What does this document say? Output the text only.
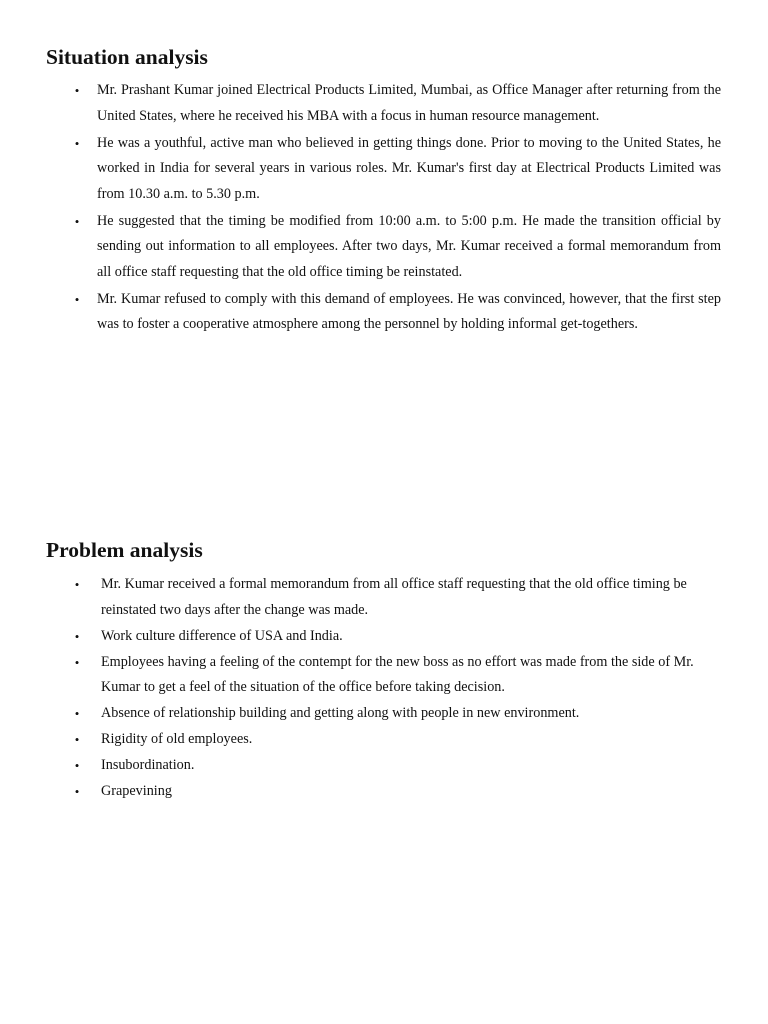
Situation analysis
• Mr. Prashant Kumar joined Electrical Products Limited, Mumbai, as Office Manager after returning from the United States, where he received his MBA with a focus in human resource management.
• He was a youthful, active man who believed in getting things done. Prior to moving to the United States, he worked in India for several years in various roles. Mr. Kumar's first day at Electrical Products Limited was from 10.30 a.m. to 5.30 p.m.
• He suggested that the timing be modified from 10:00 a.m. to 5:00 p.m. He made the transition official by sending out information to all employees. After two days, Mr. Kumar received a formal memorandum from all office staff requesting that the old office timing be reinstated.
• Mr. Kumar refused to comply with this demand of employees. He was convinced, however, that the first step was to foster a cooperative atmosphere among the personnel by holding informal get-togethers.
Problem analysis
• Mr. Kumar received a formal memorandum from all office staff requesting that the old office timing be reinstated two days after the change was made.
• Work culture difference of USA and India.
• Employees having a feeling of the contempt for the new boss as no effort was made from the side of Mr. Kumar to get a feel of the situation of the office before taking decision.
• Absence of relationship building and getting along with people in new environment.
• Rigidity of old employees.
• Insubordination.
• Grapevining
